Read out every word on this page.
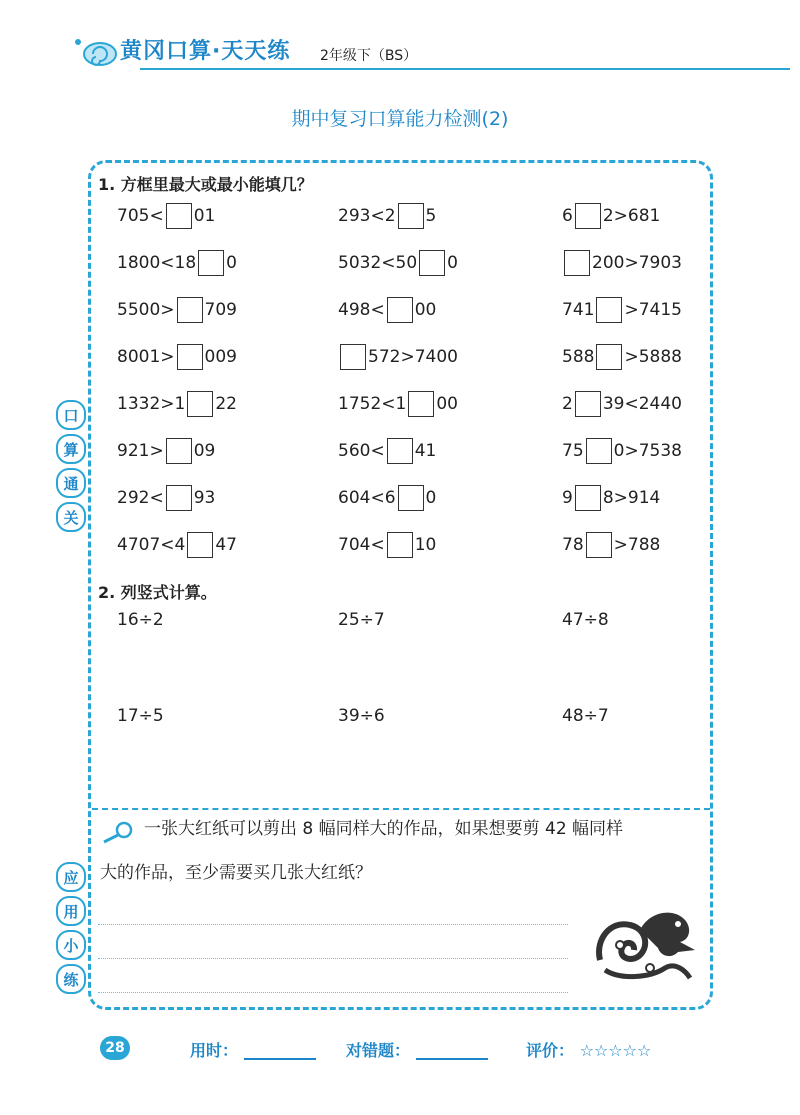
黄冈口算·天天练 2年级下（BS）
期中复习口算能力检测(2)
口
算
通
关
应
用
小
练
1. 方框里最大或最小能填几？
705< 01	293<2 5	6 2>681
1800<18 0	5032<50 0	200>7903
5500> 709	498< 00	741 >7415
8001> 009	572>7400	588 >5888
1332>1 22	1752<1 00	2 39<2440
921> 09	560< 41	75 0>7538
292< 93	604<6 0	9 8>914
4707<4 47	704< 10	78 >788
2. 列竖式计算。
16÷2	25÷7	47÷8
17÷5	39÷6	48÷7
一张大红纸可以剪出 8 幅同样大的作品，如果想要剪 42 幅同样
大的作品，至少需要买几张大红纸？
28	用时：	对错题：	评价： ☆☆☆☆☆
